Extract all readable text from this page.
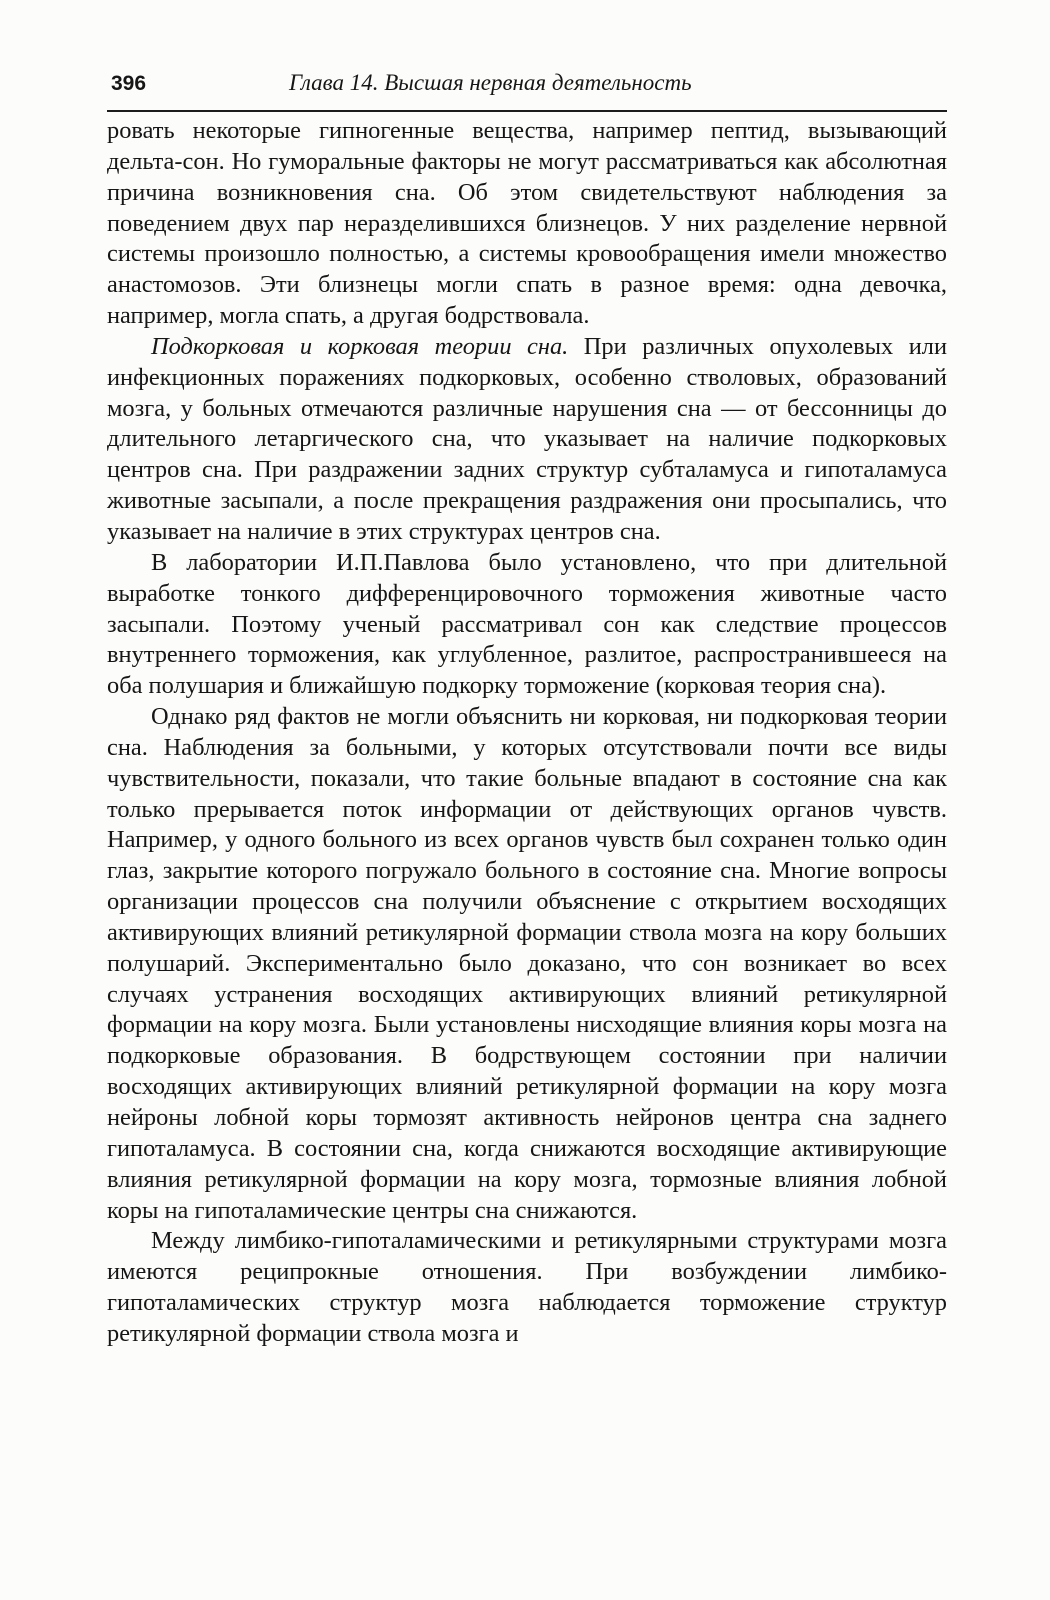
396	Глава 14. Высшая нервная деятельность

ровать некоторые гипногенные вещества, например пептид, вызывающий дельта-сон. Но гуморальные факторы не могут рассматриваться как абсолютная причина возникновения сна. Об этом свидетельствуют наблюдения за поведением двух пар неразделившихся близнецов. У них разделение нервной системы произошло полностью, а системы кровообращения имели множество анастомозов. Эти близнецы могли спать в разное время: одна девочка, например, могла спать, а другая бодрствовала.

Подкорковая и корковая теории сна. При различных опухолевых или инфекционных поражениях подкорковых, особенно стволовых, образований мозга, у больных отмечаются различные нарушения сна — от бессонницы до длительного летаргического сна, что указывает на наличие подкорковых центров сна. При раздражении задних структур субталамуса и гипоталамуса животные засыпали, а после прекращения раздражения они просыпались, что указывает на наличие в этих структурах центров сна.

В лаборатории И.П.Павлова было установлено, что при длительной выработке тонкого дифференцировочного торможения животные часто засыпали. Поэтому ученый рассматривал сон как следствие процессов внутреннего торможения, как углубленное, разлитое, распространившееся на оба полушария и ближайшую подкорку торможение (корковая теория сна).

Однако ряд фактов не могли объяснить ни корковая, ни подкорковая теории сна. Наблюдения за больными, у которых отсутствовали почти все виды чувствительности, показали, что такие больные впадают в состояние сна как только прерывается поток информации от действующих органов чувств. Например, у одного больного из всех органов чувств был сохранен только один глаз, закрытие которого погружало больного в состояние сна. Многие вопросы организации процессов сна получили объяснение с открытием восходящих активирующих влияний ретикулярной формации ствола мозга на кору больших полушарий. Экспериментально было доказано, что сон возникает во всех случаях устранения восходящих активирующих влияний ретикулярной формации на кору мозга. Были установлены нисходящие влияния коры мозга на подкорковые образования. В бодрствующем состоянии при наличии восходящих активирующих влияний ретикулярной формации на кору мозга нейроны лобной коры тормозят активность нейронов центра сна заднего гипоталамуса. В состоянии сна, когда снижаются восходящие активирующие влияния ретикулярной формации на кору мозга, тормозные влияния лобной коры на гипоталамические центры сна снижаются.

Между лимбико-гипоталамическими и ретикулярными структурами мозга имеются реципрокные отношения. При возбуждении лимбико-гипоталамических структур мозга наблюдается торможение структур ретикулярной формации ствола мозга и
